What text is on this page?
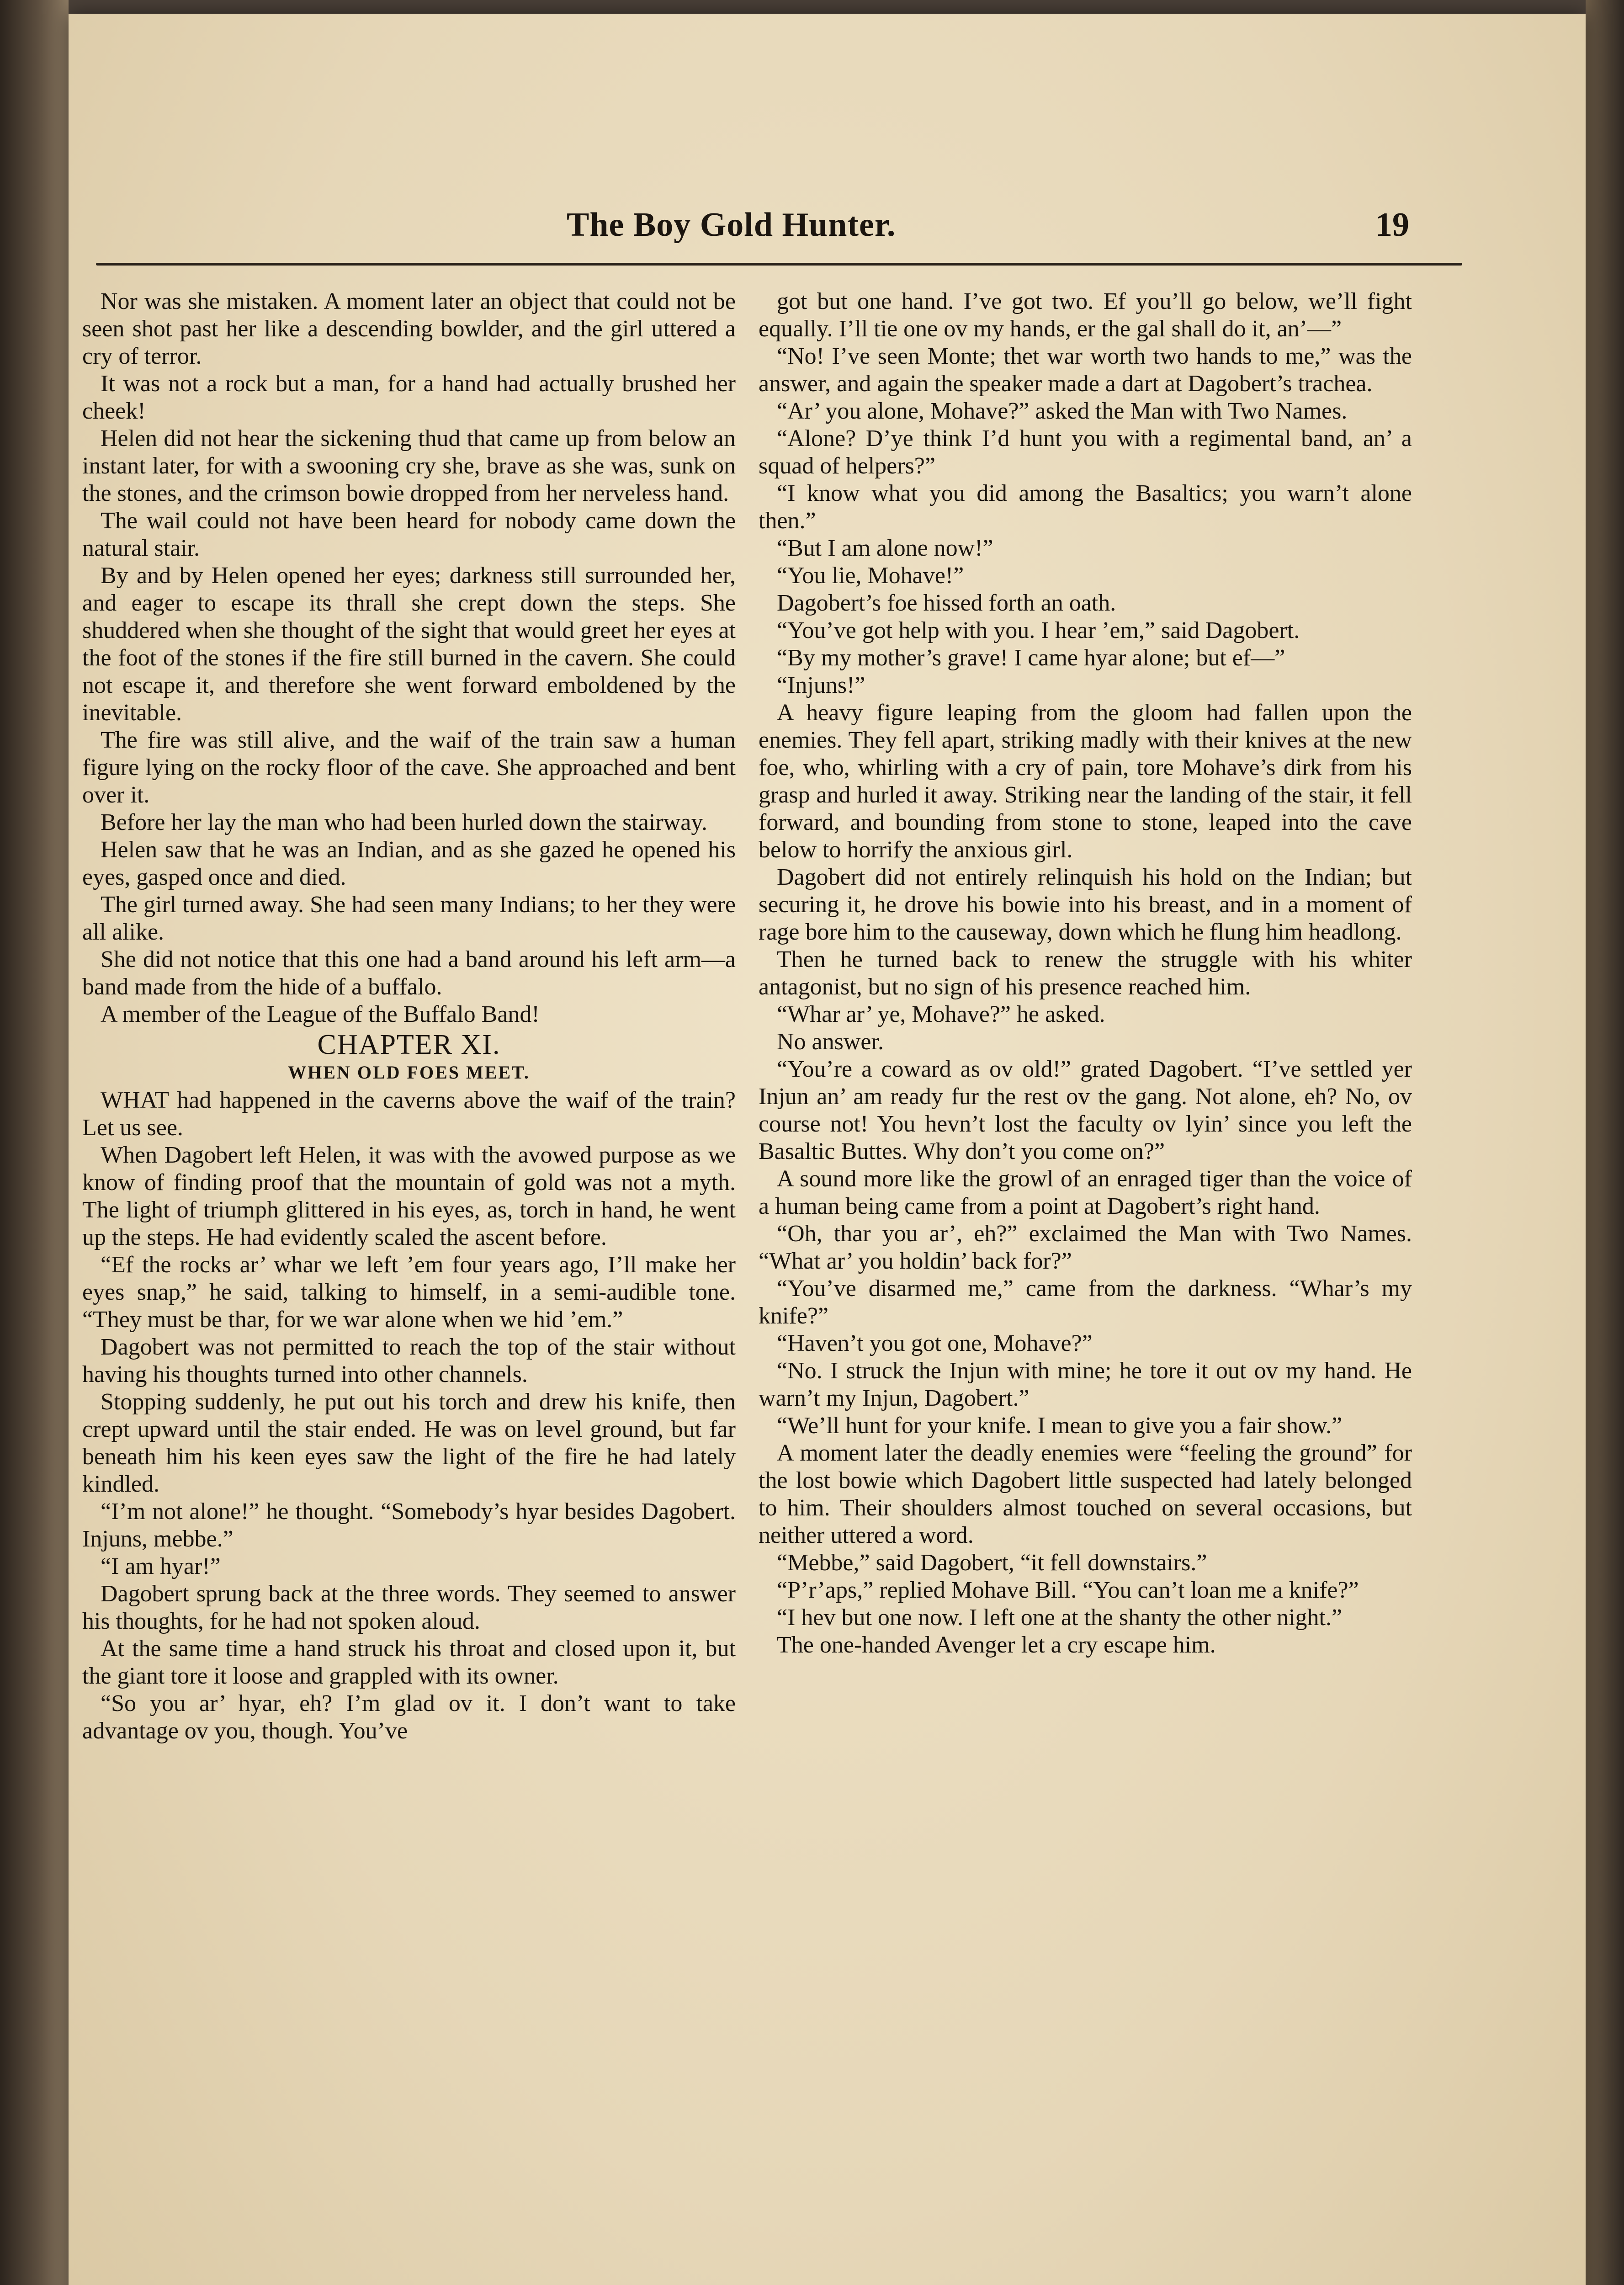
The Boy Gold Hunter.	19

Nor was she mistaken. A moment later an object that could not be seen shot past her like a descending bowlder, and the girl uttered a cry of terror.

It was not a rock but a man, for a hand had actually brushed her cheek!

Helen did not hear the sickening thud that came up from below an instant later, for with a swooning cry she, brave as she was, sunk on the stones, and the crimson bowie dropped from her nerveless hand.

The wail could not have been heard for nobody came down the natural stair.

By and by Helen opened her eyes; darkness still surrounded her, and eager to escape its thrall she crept down the steps. She shuddered when she thought of the sight that would greet her eyes at the foot of the stones if the fire still burned in the cavern. She could not escape it, and therefore she went forward emboldened by the inevitable.

The fire was still alive, and the waif of the train saw a human figure lying on the rocky floor of the cave. She approached and bent over it.

Before her lay the man who had been hurled down the stairway.

Helen saw that he was an Indian, and as she gazed he opened his eyes, gasped once and died.

The girl turned away. She had seen many Indians; to her they were all alike.

She did not notice that this one had a band around his left arm—a band made from the hide of a buffalo.

A member of the League of the Buffalo Band!

CHAPTER XI.

WHEN OLD FOES MEET.

WHAT had happened in the caverns above the waif of the train? Let us see.

When Dagobert left Helen, it was with the avowed purpose as we know of finding proof that the mountain of gold was not a myth. The light of triumph glittered in his eyes, as, torch in hand, he went up the steps. He had evidently scaled the ascent before.

“Ef the rocks ar’ whar we left ’em four years ago, I’ll make her eyes snap,” he said, talking to himself, in a semi-audible tone. “They must be thar, for we war alone when we hid ’em.”

Dagobert was not permitted to reach the top of the stair without having his thoughts turned into other channels.

Stopping suddenly, he put out his torch and drew his knife, then crept upward until the stair ended. He was on level ground, but far beneath him his keen eyes saw the light of the fire he had lately kindled.

“I’m not alone!” he thought. “Somebody’s hyar besides Dagobert. Injuns, mebbe.”

“I am hyar!”

Dagobert sprung back at the three words. They seemed to answer his thoughts, for he had not spoken aloud.

At the same time a hand struck his throat and closed upon it, but the giant tore it loose and grappled with its owner.

“So you ar’ hyar, eh? I’m glad ov it. I don’t want to take advantage ov you, though. You’ve

got but one hand. I’ve got two. Ef you’ll go below, we’ll fight equally. I’ll tie one ov my hands, er the gal shall do it, an’—”

“No! I’ve seen Monte; thet war worth two hands to me,” was the answer, and again the speaker made a dart at Dagobert’s trachea.

“Ar’ you alone, Mohave?” asked the Man with Two Names.

“Alone? D’ye think I’d hunt you with a regimental band, an’ a squad of helpers?”

“I know what you did among the Basaltics; you warn’t alone then.”

“But I am alone now!”

“You lie, Mohave!”

Dagobert’s foe hissed forth an oath.

“You’ve got help with you. I hear ’em,” said Dagobert.

“By my mother’s grave! I came hyar alone; but ef—”

“Injuns!”

A heavy figure leaping from the gloom had fallen upon the enemies. They fell apart, striking madly with their knives at the new foe, who, whirling with a cry of pain, tore Mohave’s dirk from his grasp and hurled it away. Striking near the landing of the stair, it fell forward, and bounding from stone to stone, leaped into the cave below to horrify the anxious girl.

Dagobert did not entirely relinquish his hold on the Indian; but securing it, he drove his bowie into his breast, and in a moment of rage bore him to the causeway, down which he flung him headlong.

Then he turned back to renew the struggle with his whiter antagonist, but no sign of his presence reached him.

“Whar ar’ ye, Mohave?” he asked.

No answer.

“You’re a coward as ov old!” grated Dagobert. “I’ve settled yer Injun an’ am ready fur the rest ov the gang. Not alone, eh? No, ov course not! You hevn’t lost the faculty ov lyin’ since you left the Basaltic Buttes. Why don’t you come on?”

A sound more like the growl of an enraged tiger than the voice of a human being came from a point at Dagobert’s right hand.

“Oh, thar you ar’, eh?” exclaimed the Man with Two Names. “What ar’ you holdin’ back for?”

“You’ve disarmed me,” came from the darkness. “Whar’s my knife?”

“Haven’t you got one, Mohave?”

“No. I struck the Injun with mine; he tore it out ov my hand. He warn’t my Injun, Dagobert.”

“We’ll hunt for your knife. I mean to give you a fair show.”

A moment later the deadly enemies were “feeling the ground” for the lost bowie which Dagobert little suspected had lately belonged to him. Their shoulders almost touched on several occasions, but neither uttered a word.

“Mebbe,” said Dagobert, “it fell downstairs.”

“P’r’aps,” replied Mohave Bill. “You can’t loan me a knife?”

“I hev but one now. I left one at the shanty the other night.”

The one-handed Avenger let a cry escape him.
